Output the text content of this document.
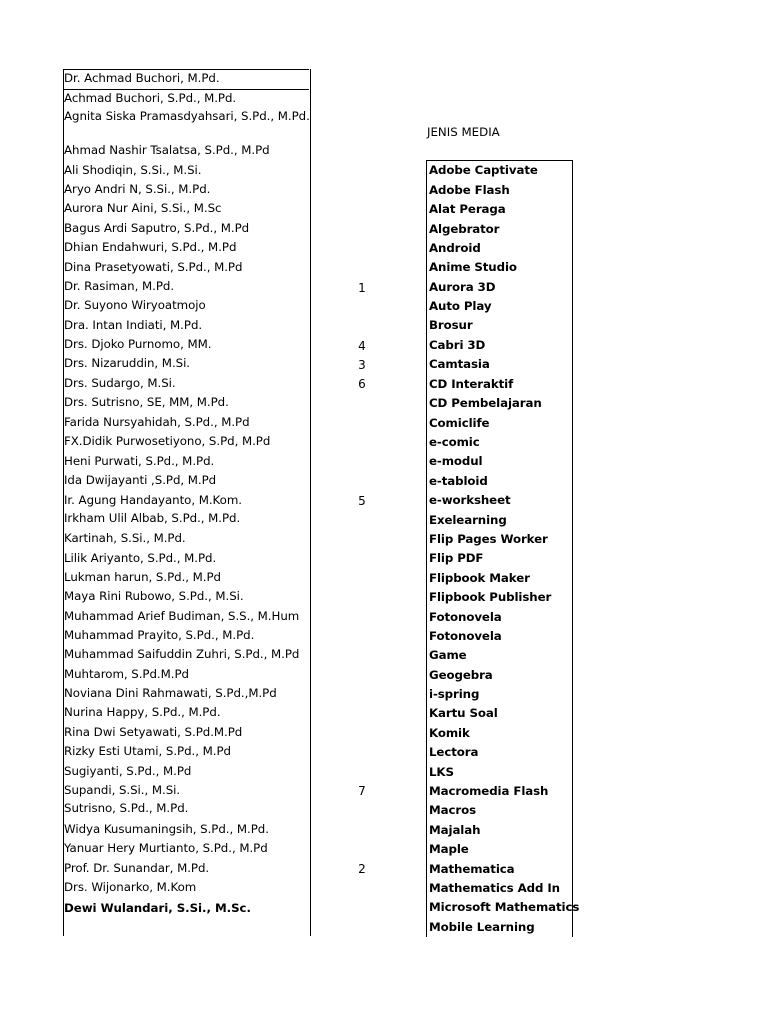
Dr. Achmad Buchori, M.Pd.
Achmad Buchori, S.Pd., M.Pd.
Agnita Siska Pramasdyahsari, S.Pd., M.Pd.
Ahmad Nashir Tsalatsa, S.Pd., M.Pd
Ali Shodiqin, S.Si., M.Si.
Aryo Andri N, S.Si., M.Pd.
Aurora Nur Aini, S.Si., M.Sc
Bagus Ardi Saputro, S.Pd., M.Pd
Dhian Endahwuri, S.Pd., M.Pd
Dina Prasetyowati, S.Pd., M.Pd
Dr. Rasiman, M.Pd.
Dr. Suyono Wiryoatmojo
Dra. Intan Indiati, M.Pd.
Drs. Djoko Purnomo, MM.
Drs. Nizaruddin, M.Si.
Drs. Sudargo, M.Si.
Drs. Sutrisno, SE, MM, M.Pd.
Farida Nursyahidah, S.Pd., M.Pd
FX.Didik Purwosetiyono, S.Pd, M.Pd
Heni Purwati, S.Pd., M.Pd.
Ida Dwijayanti ,S.Pd, M.Pd
Ir. Agung Handayanto, M.Kom.
Irkham Ulil Albab, S.Pd., M.Pd.
Kartinah, S.Si., M.Pd.
Lilik Ariyanto, S.Pd., M.Pd.
Lukman harun, S.Pd., M.Pd
Maya Rini Rubowo, S.Pd., M.Si.
Muhammad Arief Budiman, S.S., M.Hum
Muhammad Prayito, S.Pd., M.Pd.
Muhammad Saifuddin Zuhri, S.Pd., M.Pd
Muhtarom, S.Pd.M.Pd
Noviana Dini Rahmawati, S.Pd.,M.Pd
Nurina Happy, S.Pd., M.Pd.
Rina Dwi Setyawati, S.Pd.M.Pd
Rizky Esti Utami, S.Pd., M.Pd
Sugiyanti, S.Pd., M.Pd
Supandi, S.Si., M.Si.
Sutrisno, S.Pd., M.Pd.
Widya Kusumaningsih, S.Pd., M.Pd.
Yanuar Hery Murtianto, S.Pd., M.Pd
Prof. Dr. Sunandar, M.Pd.
Drs. Wijonarko, M.Kom
Dewi Wulandari, S.Si., M.Sc.
1
4
3
6
5
7
2
JENIS MEDIA
Adobe Captivate
Adobe Flash
Alat Peraga
Algebrator
Android
Anime Studio
Aurora 3D
Auto Play
Brosur
Cabri 3D
Camtasia
CD Interaktif
CD Pembelajaran
Comiclife
e-comic
e-modul
e-tabloid
e-worksheet
Exelearning
Flip Pages Worker
Flip PDF
Flipbook Maker
Flipbook Publisher
Fotonovela
Fotonovela
Game
Geogebra
i-spring
Kartu Soal
Komik
Lectora
LKS
Macromedia Flash
Macros
Majalah
Maple
Mathematica
Mathematics Add In
Microsoft Mathematics
Mobile Learning
